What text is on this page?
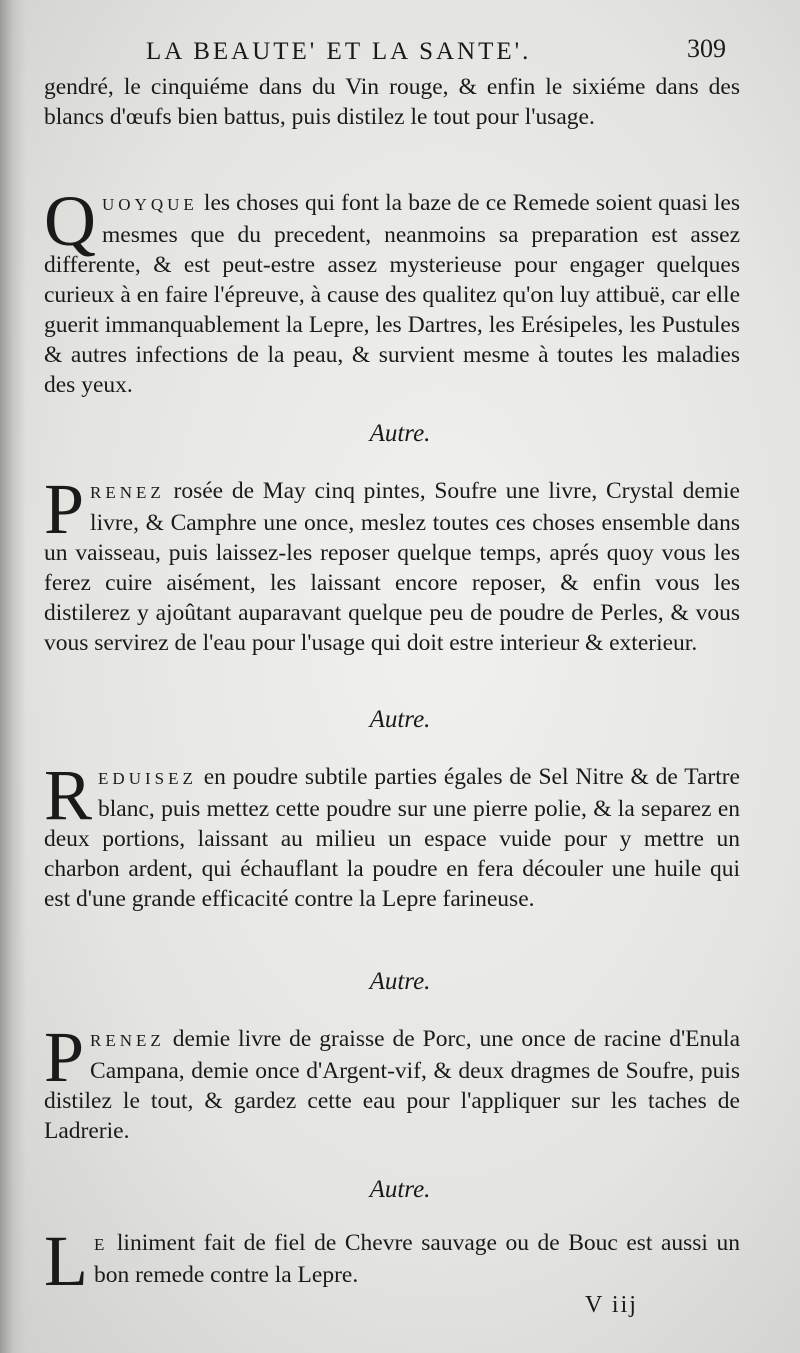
LA BEAUTE' ET LA SANTE'.	309

gendré, le cinquiéme dans du Vin rouge, & enfin le sixiéme dans des blancs d'œufs bien battus, puis distilez le tout pour l'usage.

Q UOYQUE les choses qui font la baze de ce Remede soient quasi les mesmes que du precedent, neanmoins sa preparation est assez differente, & est peut-estre assez mysterieuse pour engager quelques curieux à en faire l'épreuve, à cause des qualitez qu'on luy attibuë, car elle guerit immanquablement la Lepre, les Dartres, les Erésipeles, les Pustules & autres infections de la peau, & survient mesme à toutes les maladies des yeux.
Autre.
P RENEZ rosée de May cinq pintes, Soufre une livre, Crystal demie livre, & Camphre une once, meslez toutes ces choses ensemble dans un vaisseau, puis laissez-les reposer quelque temps, aprés quoy vous les ferez cuire aisément, les laissant encore reposer, & enfin vous les distilerez y ajoûtant auparavant quelque peu de poudre de Perles, & vous vous servirez de l'eau pour l'usage qui doit estre interieur & exterieur.
Autre.
R EDUISEZ en poudre subtile parties égales de Sel Nitre & de Tartre blanc, puis mettez cette poudre sur une pierre polie, & la separez en deux portions, laissant au milieu un espace vuide pour y mettre un charbon ardent, qui échauflant la poudre en fera découler une huile qui est d'une grande efficacité contre la Lepre farineuse.
Autre.
P RENEZ demie livre de graisse de Porc, une once de racine d'Enula Campana, demie once d'Argent-vif, & deux dragmes de Soufre, puis distilez le tout, & gardez cette eau pour l'appliquer sur les taches de Ladrerie.
Autre.
L E liniment fait de fiel de Chevre sauvage ou de Bouc est aussi un bon remede contre la Lepre.
V iij
